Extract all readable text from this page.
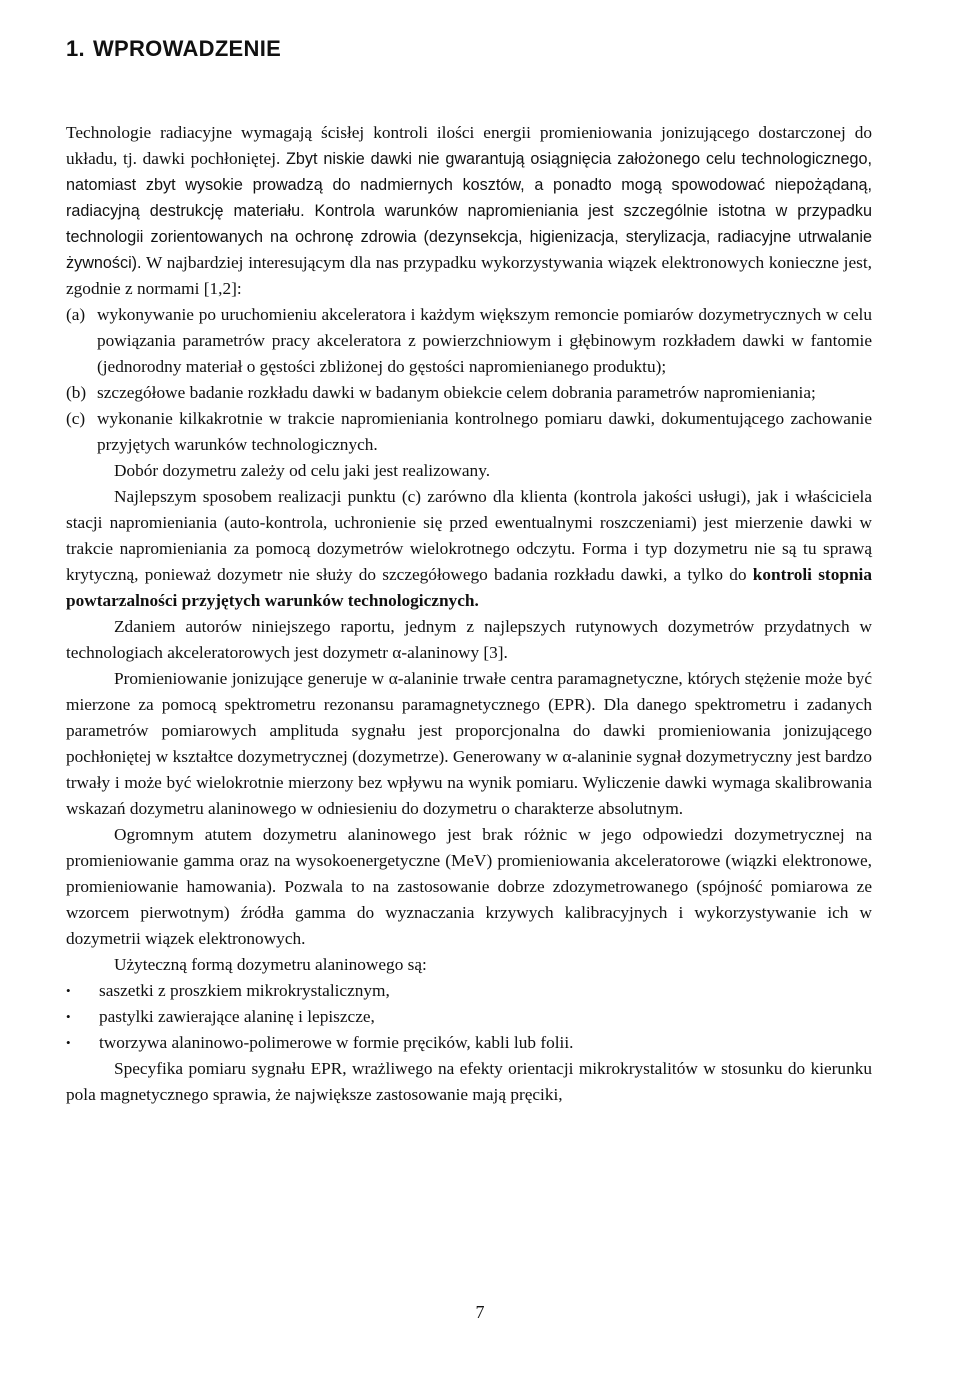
1. WPROWADZENIE

Technologie radiacyjne wymagają ścisłej kontroli ilości energii promieniowania jonizującego dostarczonej do układu, tj. dawki pochłoniętej. Zbyt niskie dawki nie gwarantują osiągnięcia założonego celu technologicznego, natomiast zbyt wysokie prowadzą do nadmiernych kosztów, a ponadto mogą spowodować niepożądaną, radiacyjną destrukcję materiału. Kontrola warunków napromieniania jest szczególnie istotna w przypadku technologii zorientowanych na ochronę zdrowia (dezynsekcja, higienizacja, sterylizacja, radiacyjne utrwalanie żywności). W najbardziej interesującym dla nas przypadku wykorzystywania wiązek elektronowych konieczne jest, zgodnie z normami [1,2]:

(a) wykonywanie po uruchomieniu akceleratora i każdym większym remoncie pomiarów dozymetrycznych w celu powiązania parametrów pracy akceleratora z powierzchniowym i głębinowym rozkładem dawki w fantomie (jednorodny materiał o gęstości zbliżonej do gęstości napromienianego produktu);
(b) szczegółowe badanie rozkładu dawki w badanym obiekcie celem dobrania parametrów napromieniania;
(c) wykonanie kilkakrotnie w trakcie napromieniania kontrolnego pomiaru dawki, dokumentującego zachowanie przyjętych warunków technologicznych.

Dobór dozymetru zależy od celu jaki jest realizowany.

Najlepszym sposobem realizacji punktu (c) zarówno dla klienta (kontrola jakości usługi), jak i właściciela stacji napromieniania (auto-kontrola, uchronienie się przed ewentualnymi roszczeniami) jest mierzenie dawki w trakcie napromieniania za pomocą dozymetrów wielokrotnego odczytu. Forma i typ dozymetru nie są tu sprawą krytyczną, ponieważ dozymetr nie służy do szczegółowego badania rozkładu dawki, a tylko do kontroli stopnia powtarzalności przyjętych warunków technologicznych.

Zdaniem autorów niniejszego raportu, jednym z najlepszych rutynowych dozymetrów przydatnych w technologiach akceleratorowych jest dozymetr α-alaninowy [3].

Promieniowanie jonizujące generuje w α-alaninie trwałe centra paramagnetyczne, których stężenie może być mierzone za pomocą spektrometru rezonansu paramagnetycznego (EPR). Dla danego spektrometru i zadanych parametrów pomiarowych amplituda sygnału jest proporcjonalna do dawki promieniowania jonizującego pochłoniętej w kształtce dozymetrycznej (dozymetrze). Generowany w α-alaninie sygnał dozymetryczny jest bardzo trwały i może być wielokrotnie mierzony bez wpływu na wynik pomiaru. Wyliczenie dawki wymaga skalibrowania wskazań dozymetru alaninowego w odniesieniu do dozymetru o charakterze absolutnym.

Ogromnym atutem dozymetru alaninowego jest brak różnic w jego odpowiedzi dozymetrycznej na promieniowanie gamma oraz na wysokoenergetyczne (MeV) promieniowania akceleratorowe (wiązki elektronowe, promieniowanie hamowania). Pozwala to na zastosowanie dobrze zdozymetrowanego (spójność pomiarowa ze wzorcem pierwotnym) źródła gamma do wyznaczania krzywych kalibracyjnych i wykorzystywanie ich w dozymetrii wiązek elektronowych.

Użyteczną formą dozymetru alaninowego są:

• saszetki z proszkiem mikrokrystalicznym,
• pastylki zawierające alaninę i lepiszcze,
• tworzywa alaninowo-polimerowe w formie pręcików, kabli lub folii.

Specyfika pomiaru sygnału EPR, wrażliwego na efekty orientacji mikrokrystalitów w stosunku do kierunku pola magnetycznego sprawia, że największe zastosowanie mają pręciki,

7
